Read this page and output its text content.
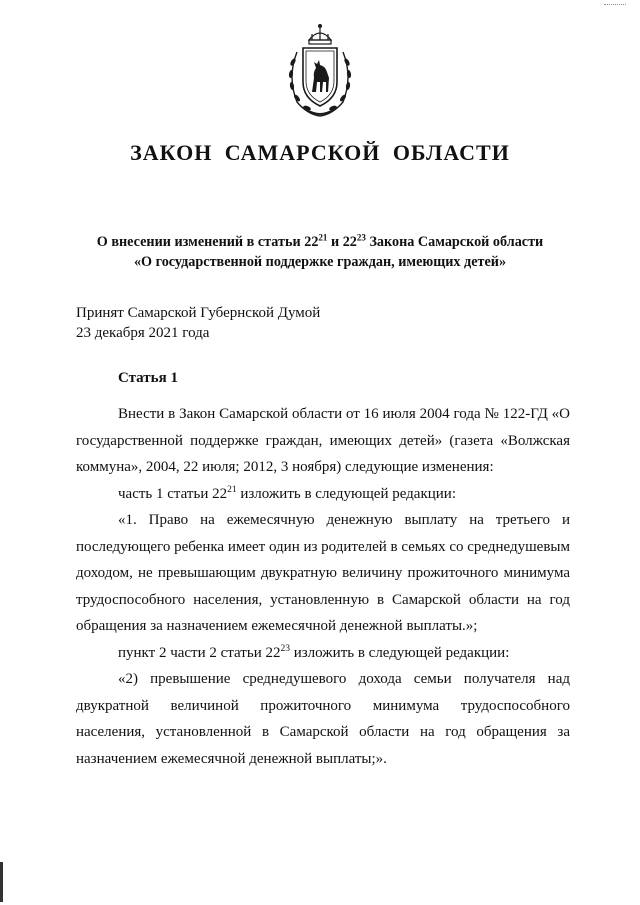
ЗАКОН САМАРСКОЙ ОБЛАСТИ
О внесении изменений в статьи $22^{21}$ и $22^{23}$ Закона Самарской области
«О государственной поддержке граждан, имеющих детей»
Принят Самарской Губернской Думой
23 декабря 2021 года
Статья 1

Внести в Закон Самарской области от 16 июля 2004 года № 122-ГД «О государственной поддержке граждан, имеющих детей» (газета «Волжская коммуна», 2004, 22 июля; 2012, 3 ноября) следующие изменения:

часть 1 статьи $22^{21}$ изложить в следующей редакции:

«1. Право на ежемесячную денежную выплату на третьего и последующего ребенка имеет один из родителей в семьях со среднедушевым доходом, не превышающим двукратную величину прожиточного минимума трудоспособного населения, установленную в Самарской области на год обращения за назначением ежемесячной денежной выплаты.»;

пункт 2 части 2 статьи $22^{23}$ изложить в следующей редакции:

«2) превышение среднедушевого дохода семьи получателя над двукратной величиной прожиточного минимума трудоспособного населения, установленной в Самарской области на год обращения за назначением ежемесячной денежной выплаты;».
